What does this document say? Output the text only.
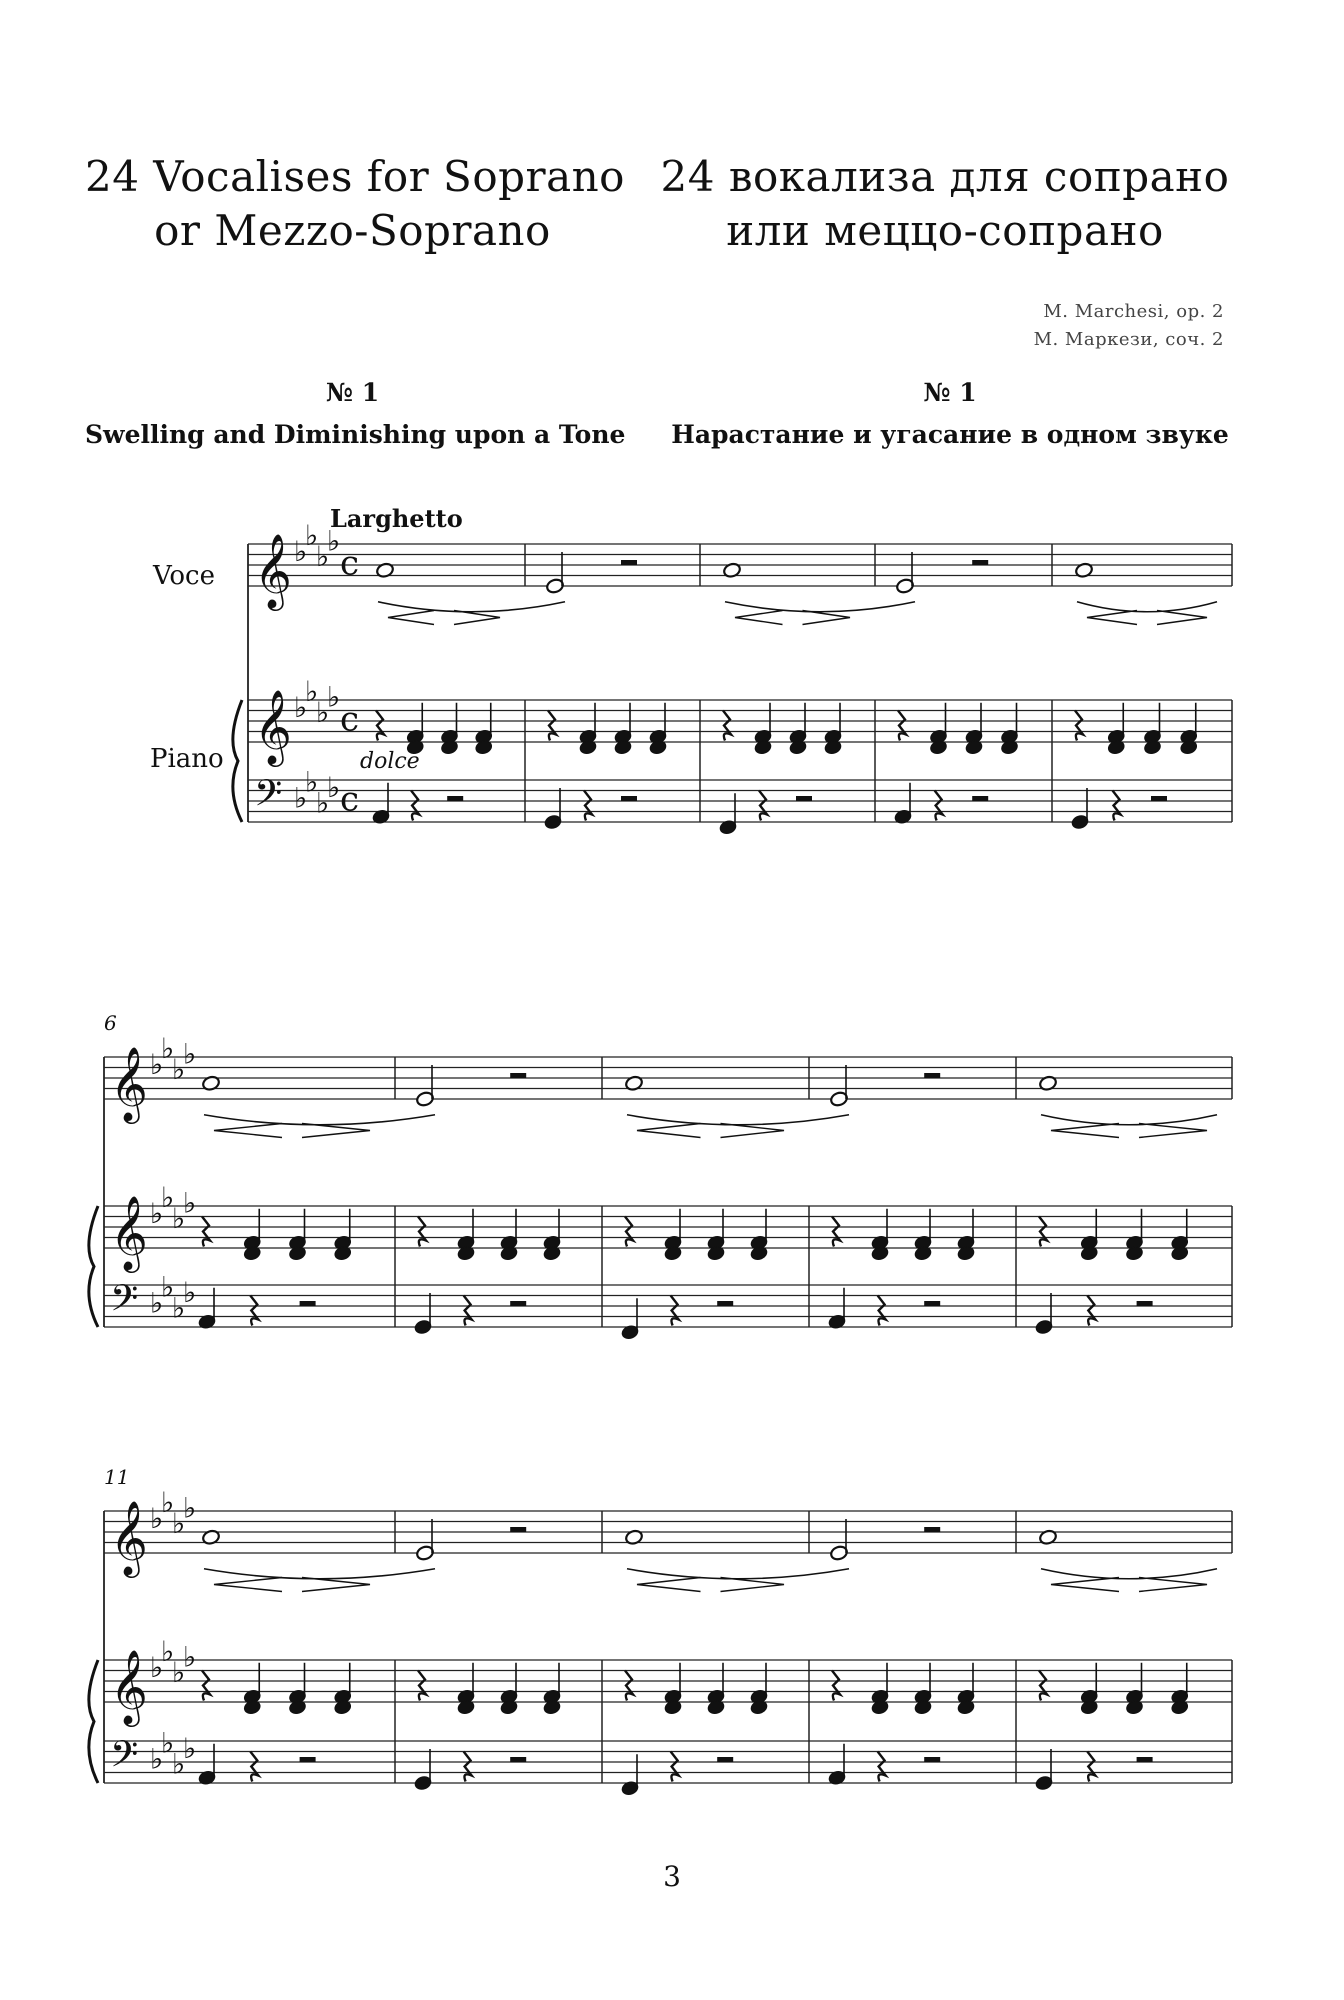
24 Vocalises for Soprano
or Mezzo-Soprano
24 вокализа для сопрано
или меццо-сопрано
M. Marchesi, op. 2
М. Маркези, соч. 2
№ 1	№ 1
Swelling and Diminishing upon a Tone	Нарастание и угасание в одном звуке
𝄞
𝄞
𝄢
♭
♭
♭
♭
♭
♭
♭
♭
♭
♭
♭
♭
c
c
c
𝄞
𝄞
𝄢
♭
♭
♭
♭
♭
♭
♭
♭
♭
♭
♭
♭
𝄞
𝄞
𝄢
♭
♭
♭
♭
♭
♭
♭
♭
♭
♭
♭
♭
Larghetto
Voce
Piano	dolce
6
11
3
